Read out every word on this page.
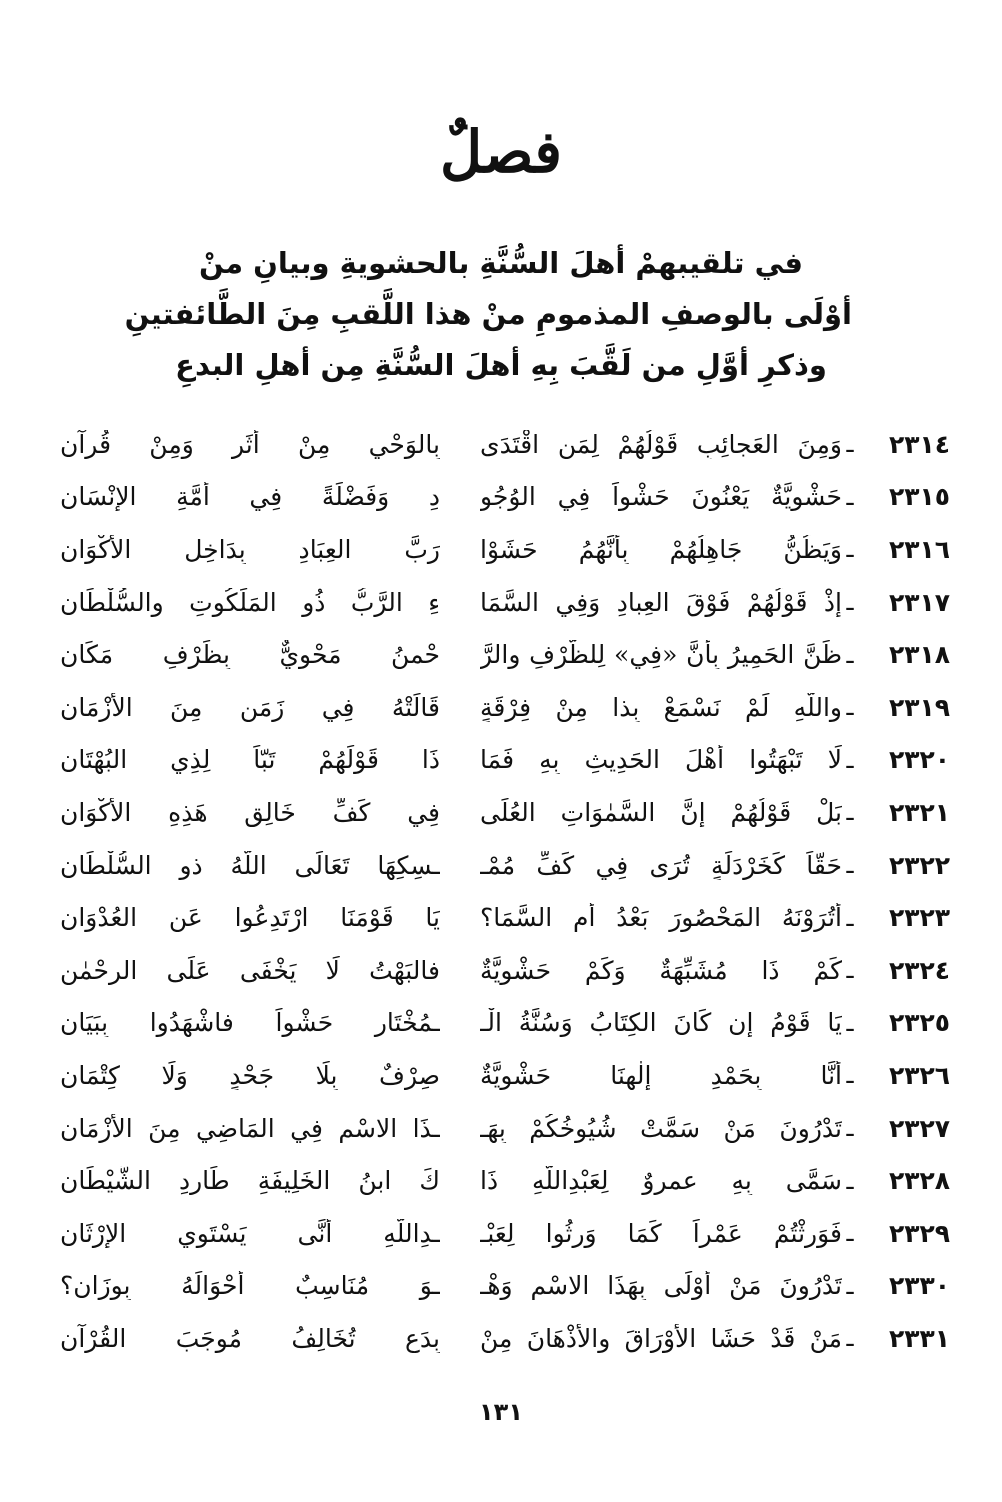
فصلٌ
في تلقيبهمْ أهلَ السُّنَّةِ بالحشويةِ وبيانِ منْ
أوْلَى بالوصفِ المذمومِ منْ هذا اللَّقبِ مِنَ الطَّائفتينِ
وذكرِ أوَّلِ من لَقَّبَ بِهِ أهلَ السُّنَّةِ مِن أهلِ البدعِ
٢٣١٤
ـ
وَمِنَ العَجائِبِ قَوْلُهُمْ لِمَنِ اقْتَدَى
بِالوَحْيِ مِنْ أَثَرٍ وَمِنْ قُرآنِ
٢٣١٥
ـ
حَشْوِيَّةٌ يَعْنُونَ حَشْواً فِي الوُجُو
دِ وَفَضْلَةً فِي أُمَّةِ الإِنْسَانِ
٢٣١٦
ـ
وَيَظُنُّ جَاهِلُهُمْ بِأَنَّهُمُ حَشَوْا
رَبَّ العِبَادِ بِدَاخِلِ الأَكْوَانِ
٢٣١٧
ـ
إِذْ قَوْلُهُمْ فَوْقَ العِبادِ وَفِي السَّمَا
ءِ الرَّبُّ ذُو المَلَكُوتِ والسُّلْطَانِ
٢٣١٨
ـ
ظَنَّ الحَمِيرُ بِأَنَّ «فِي» لِلظَّرْفِ والرَّ
حْمنُ مَحْوِيٌّ بِظَرْفِ مَكَانِ
٢٣١٩
ـ
واللّهِ لَمْ نَسْمَعْ بِذا مِنْ فِرْقَةٍ
قَالَتْهُ فِي زَمَنٍ مِنَ الأَزْمَانِ
٢٣٢٠
ـ
لَا تَبْهَتُوا أَهْلَ الحَدِيثِ بِهِ فَمَا
ذَا قَوْلَهُمْ تَبّاً لِذِي البُهْتَانِ
٢٣٢١
ـ
بَلْ قَوْلُهُمْ إِنَّ السَّمٰوَاتِ العُلَى
فِي كَفِّ خَالِقِ هَذِهِ الأَكْوَانِ
٢٣٢٢
ـ
حَقّاً كَخَرْدَلَةٍ تُرَى فِي كَفِّ مُمْـ
ـسِكِهَا تَعَالَى اللَّهُ ذو السُّلْطَانِ
٢٣٢٣
ـ
أَتُرَوْنَهُ المَحْصُورَ بَعْدُ أَمِ السَّمَا؟
يَا قَوْمَنَا ارْتَدِعُوا عَنِ العُدْوَانِ
٢٣٢٤
ـ
كَمْ ذَا مُشَبِّهَةٌ وَكَمْ حَشْوِيَّةٌ
فالبَهْتُ لَا يَخْفَى عَلَى الرحْمٰنِ
٢٣٢٥
ـ
يَا قَوْمُ إِن كَانَ الكِتَابُ وَسُنَّةُ الْـ
ـمُخْتَارِ حَشْواً فاشْهَدُوا بِبَيَانِ
٢٣٢٦
ـ
أَنَّا بِحَمْدِ إِلٰهِنَا حَشْوِيَّةٌ
صِرْفٌ بِلَا جَحْدٍ وَلَا كِتْمَانِ
٢٣٢٧
ـ
تَدْرُونَ مَنْ سَمَّتْ شُيُوخُكُمْ بِهَـ
ـذَا الاسْمِ فِي المَاضِي مِنَ الأَزْمَانِ
٢٣٢٨
ـ
سَمَّى بِهِ عمروٌ لِعَبْدِاللّهِ ذَا
كَ ابنُ الخَلِيفَةِ طَارِدِ الشَّيْطَانِ
٢٣٢٩
ـ
فَوَرِثْتُمْ عَمْراً كَمَا وَرِثُوا لِعَبْـ
ـدِاللّهِ أَنَّى يَسْتَوِي الإِرْثَانِ
٢٣٣٠
ـ
تَدْرُونَ مَنْ أَوْلَى بِهَذَا الاسْمِ وَهْـ
ـوَ مُنَاسِبٌ أَحْوَالَهُ بِوِزَانِ؟
٢٣٣١
ـ
مَنْ قَدْ حَشَا الأَوْرَاقَ والأَذْهَانَ مِنْ
بِدَعٍ تُخَالِفُ مُوجَبَ القُرْآنِ
١٣١
